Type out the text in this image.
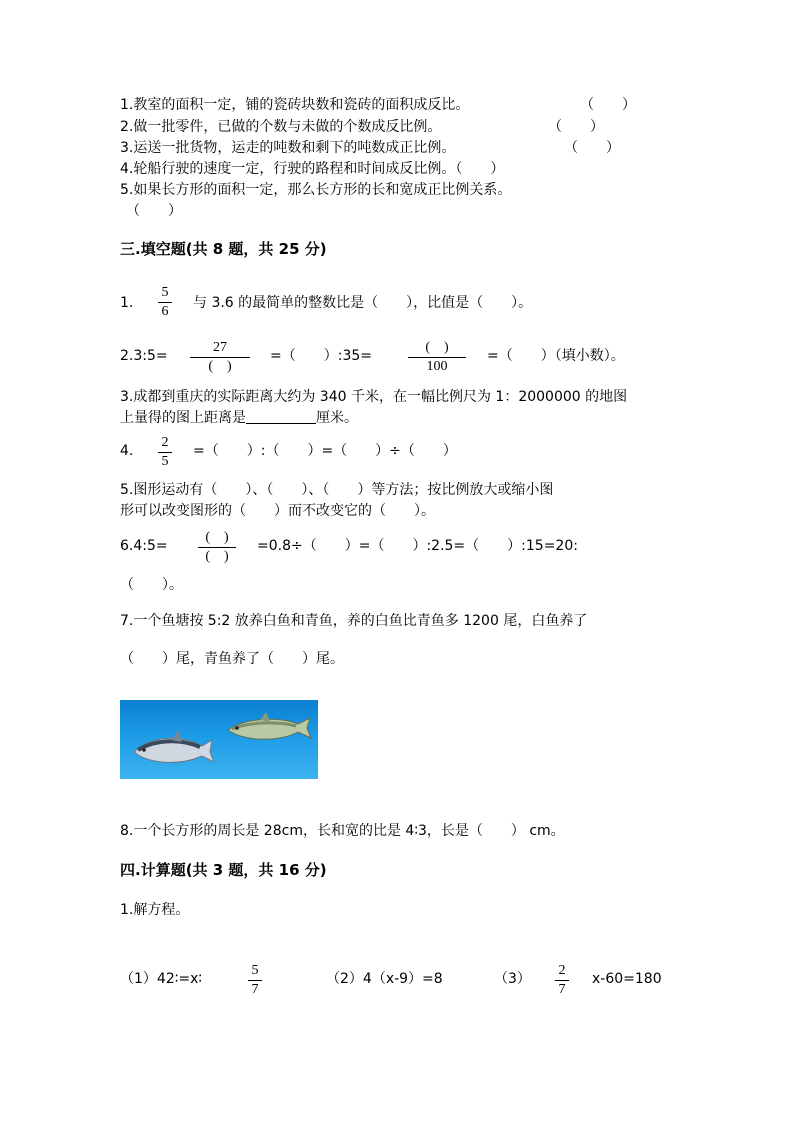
1.教室的面积一定，铺的瓷砖块数和瓷砖的面积成反比。	（　　）
2.做一批零件，已做的个数与未做的个数成反比例。	（　　）
3.运送一批货物，运走的吨数和剩下的吨数成正比例。	（　　）
4.轮船行驶的速度一定，行驶的路程和时间成反比例。（　　）
5.如果长方形的面积一定，那么长方形的长和宽成正比例关系。
（　　）
三.填空题(共 8 题，共 25 分)
1.
5
6
与 3.6 的最简单的整数比是（　　），比值是（　　）。
2.3:5=
27
(　)
=（　　）:35=
(　)
100
=（　　）（填小数）。
3.成都到重庆的实际距离大约为 340 千米，在一幅比例尺为 1：2000000 的地图
上量得的图上距离是	厘米。
4.
2
5
=（　　）:（　　）=（　　）÷（　　）
5.图形运动有（　　）、（　　）、（　　）等方法；按比例放大或缩小图
形可以改变图形的（　　）而不改变它的（　　）。
6.4:5=
(　)
(　)
=0.8÷（　　）=（　　）:2.5=（　　）:15=20:
（　　）。
7.一个鱼塘按 5:2 放养白鱼和青鱼，养的白鱼比青鱼多 1200 尾，白鱼养了
（　　）尾，青鱼养了（　　）尾。
8.一个长方形的周长是 28cm，长和宽的比是 4∶3，长是（　　） cm。
四.计算题(共 3 题，共 16 分)
1.解方程。
（1）42∶=x∶
5
7
（2）4（x-9）=8	（3）
2
7
x-60=180
